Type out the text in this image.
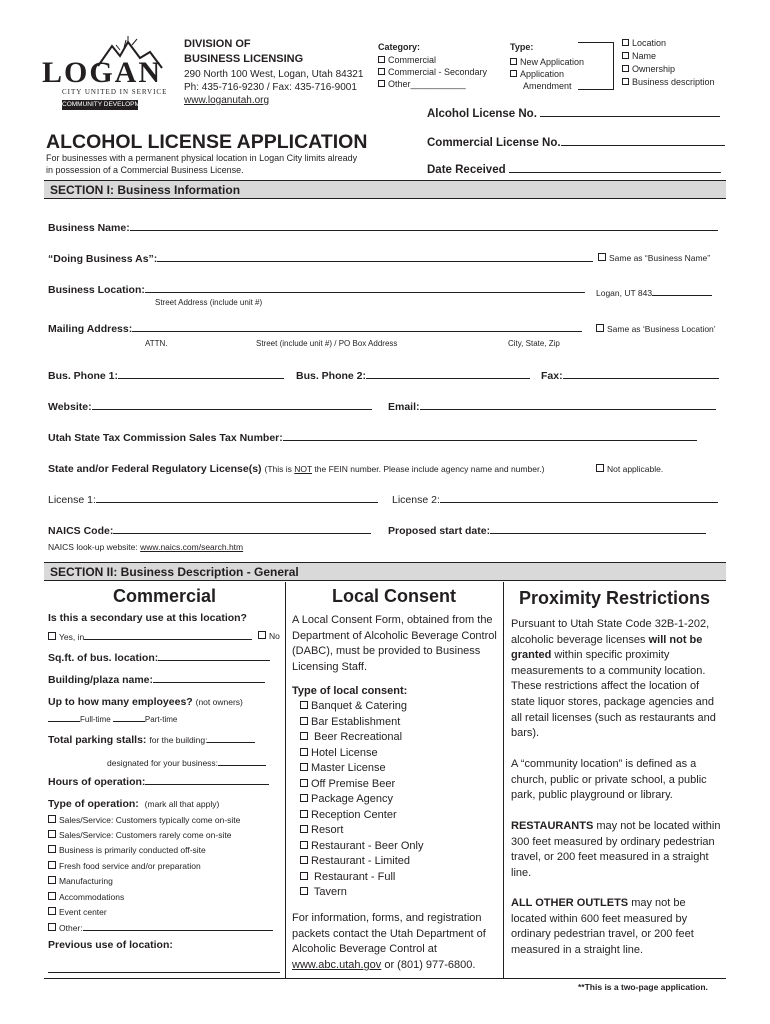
LOGAN
CITY UNITED IN SERVICE
COMMUNITY DEVELOPMENT
DIVISION OF
BUSINESS LICENSING
290 North 100 West, Logan, Utah 84321
Ph: 435-716-9230 / Fax: 435-716-9001
www.loganutah.org
Category:
Commercial
Commercial - Secondary
Other___________
Type:
New Application
Application
Amendment
Location
Name
Ownership
Business description
Alcohol License No.
ALCOHOL LICENSE APPLICATION	Commercial License No.
For businesses with a permanent physical location in Logan City limits already
in possession of a Commercial Business License.	Date Received
SECTION I: Business Information
Business Name:
“Doing Business As”:	Same as “Business Name”
Business Location:	Logan, UT 843
Street Address (include unit #)
Mailing Address:	Same as ‘Business Location’
ATTN.	Street (include unit #) / PO Box Address	City, State, Zip
Bus. Phone 1:	Bus. Phone 2:	Fax:
Website:	Email:
Utah State Tax Commission Sales Tax Number:
State and/or Federal Regulatory License(s) (This is NOT the FEIN number. Please include agency name and number.)	Not applicable.
License 1:	License 2:
NAICS Code:	Proposed start date:
NAICS look-up website: www.naics.com/search.htm
SECTION II: Business Description - General
Commercial
Is this a secondary use at this location?
Yes, in	No
Sq.ft. of bus. location:
Building/plaza name:
Up to how many employees? (not owners)
Full-time	Part-time
Total parking stalls: for the building:
designated for your business:
Hours of operation:
Type of operation: (mark all that apply)
Sales/Service: Customers typically come on-site
Sales/Service: Customers rarely come on-site
Business is primarily conducted off-site
Fresh food service and/or preparation
Manufacturing
Accommodations
Event center
Other:
Previous use of location:
Local Consent
A Local Consent Form, obtained from the Department of Alcoholic Beverage Control (DABC), must be provided to Business Licensing Staff.
Type of local consent:
Banquet & Catering
Bar Establishment
Beer Recreational
Hotel License
Master License
Off Premise Beer
Package Agency
Reception Center
Resort
Restaurant - Beer Only
Restaurant - Limited
Restaurant - Full
Tavern
For information, forms, and registration packets contact the Utah Department of Alcoholic Beverage Control at www.abc.utah.gov or (801) 977-6800.
Proximity Restrictions
Pursuant to Utah State Code 32B-1-202, alcoholic beverage licenses will not be granted within specific proximity measurements to a community location. These restrictions affect the location of state liquor stores, package agencies and all retail licenses (such as restaurants and bars).
A “community location” is defined as a church, public or private school, a public park, public playground or library.
RESTAURANTS may not be located within 300 feet measured by ordinary pedestrian travel, or 200 feet measured in a straight line.
ALL OTHER OUTLETS may not be located within 600 feet measured by ordinary pedestrian travel, or 200 feet measured in a straight line.
**This is a two-page application.
